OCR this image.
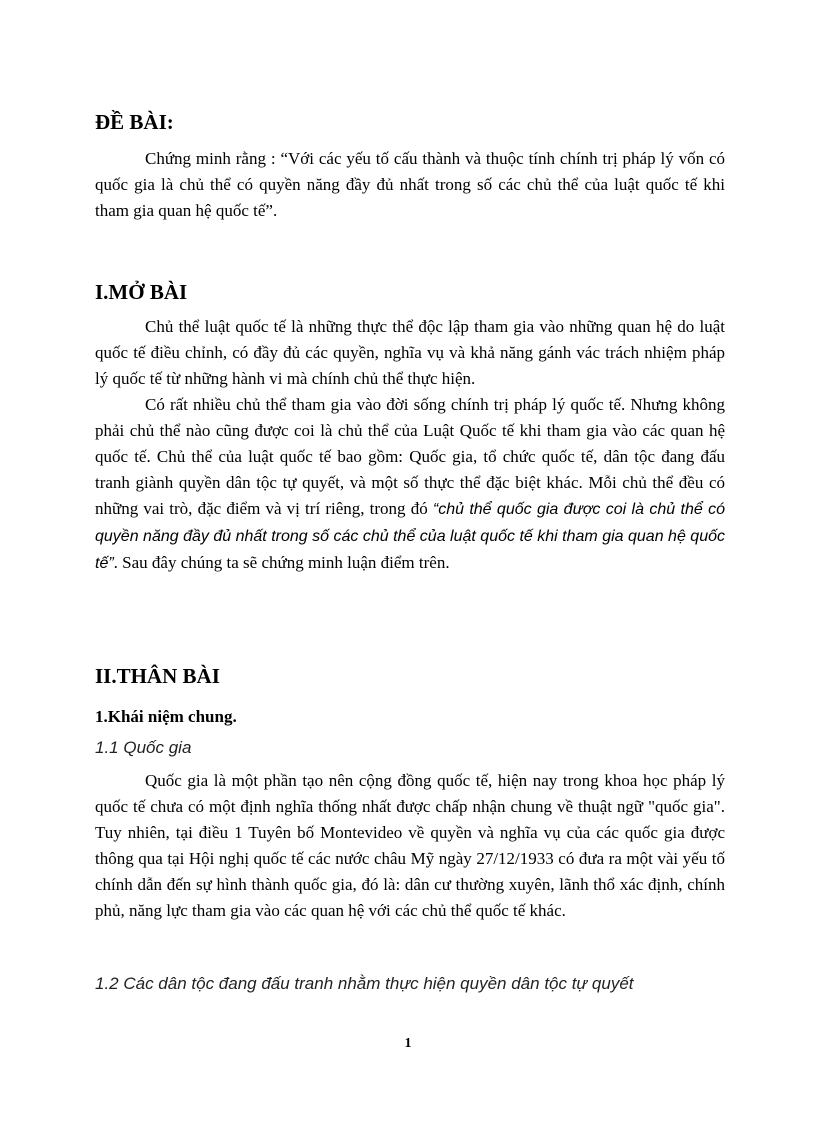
ĐỀ BÀI:

Chứng minh rằng : “Với các yếu tố cấu thành và thuộc tính chính trị pháp lý vốn có quốc gia là chủ thể có quyền năng đầy đủ nhất trong số các chủ thể của luật quốc tế khi tham gia quan hệ quốc tế”.

I.MỞ BÀI

Chủ thể luật quốc tế là những thực thể độc lập tham gia vào những quan hệ do luật quốc tế điều chỉnh, có đầy đủ các quyền, nghĩa vụ và khả năng gánh vác trách nhiệm pháp lý quốc tế từ những hành vi mà chính chủ thể thực hiện.

Có rất nhiều chủ thể tham gia vào đời sống chính trị pháp lý quốc tế. Nhưng không phải chủ thể nào cũng được coi là chủ thể của Luật Quốc tế khi tham gia vào các quan hệ quốc tế. Chủ thể của luật quốc tế bao gồm: Quốc gia, tổ chức quốc tế, dân tộc đang đấu tranh giành quyền dân tộc tự quyết, và một số thực thể đặc biệt khác. Mỗi chủ thể đều có những vai trò, đặc điểm và vị trí riêng, trong đó “chủ thể quốc gia được coi là chủ thể có quyền năng đầy đủ nhất trong số các chủ thể của luật quốc tế khi tham gia quan hệ quốc tế”. Sau đây chúng ta sẽ chứng minh luận điểm trên.

II.THÂN BÀI

1.Khái niệm chung.

1.1 Quốc gia

Quốc gia là một phần tạo nên cộng đồng quốc tế, hiện nay trong khoa học pháp lý quốc tế chưa có một định nghĩa thống nhất được chấp nhận chung về thuật ngữ "quốc gia". Tuy nhiên, tại điều 1 Tuyên bố Montevideo về quyền và nghĩa vụ của các quốc gia được thông qua tại Hội nghị quốc tế các nước châu Mỹ ngày 27/12/1933 có đưa ra một vài yếu tố chính dẫn đến sự hình thành quốc gia, đó là: dân cư thường xuyên, lãnh thổ xác định, chính phủ, năng lực tham gia vào các quan hệ với các chủ thể quốc tế khác.

1.2 Các dân tộc đang đấu tranh nhằm thực hiện quyền dân tộc tự quyết

1
